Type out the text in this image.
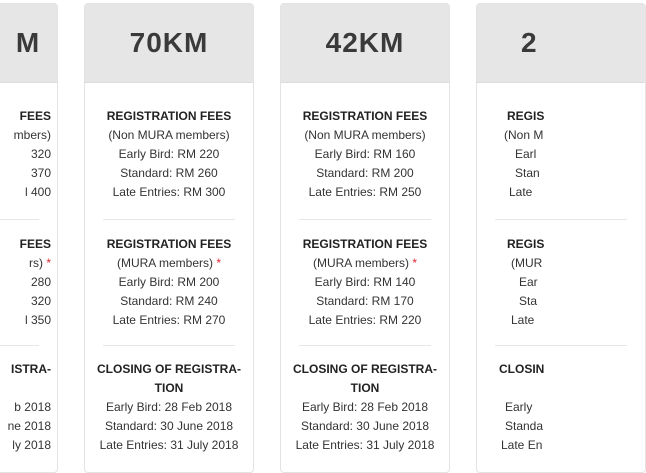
M
FEES
mbers)
320
370
l 400
FEES
rs) *
280
320
l 350
ISTRA-
b 2018
ne 2018
ly 2018
70KM
REGISTRATION FEES
(Non MURA members)
Early Bird: RM 220
Standard: RM 260
Late Entries: RM 300
REGISTRATION FEES
(MURA members) *
Early Bird: RM 200
Standard: RM 240
Late Entries: RM 270
CLOSING OF REGISTRA-
TION
Early Bird: 28 Feb 2018
Standard: 30 June 2018
Late Entries: 31 July 2018
42KM
REGISTRATION FEES
(Non MURA members)
Early Bird: RM 160
Standard: RM 200
Late Entries: RM 250
REGISTRATION FEES
(MURA members) *
Early Bird: RM 140
Standard: RM 170
Late Entries: RM 220
CLOSING OF REGISTRA-
TION
Early Bird: 28 Feb 2018
Standard: 30 June 2018
Late Entries: 31 July 2018
2
REGIS
(Non M
Earl
Stan
Late
REGIS
(MUR
Ear
Sta
Late
CLOSIN
Early
Standa
Late En
